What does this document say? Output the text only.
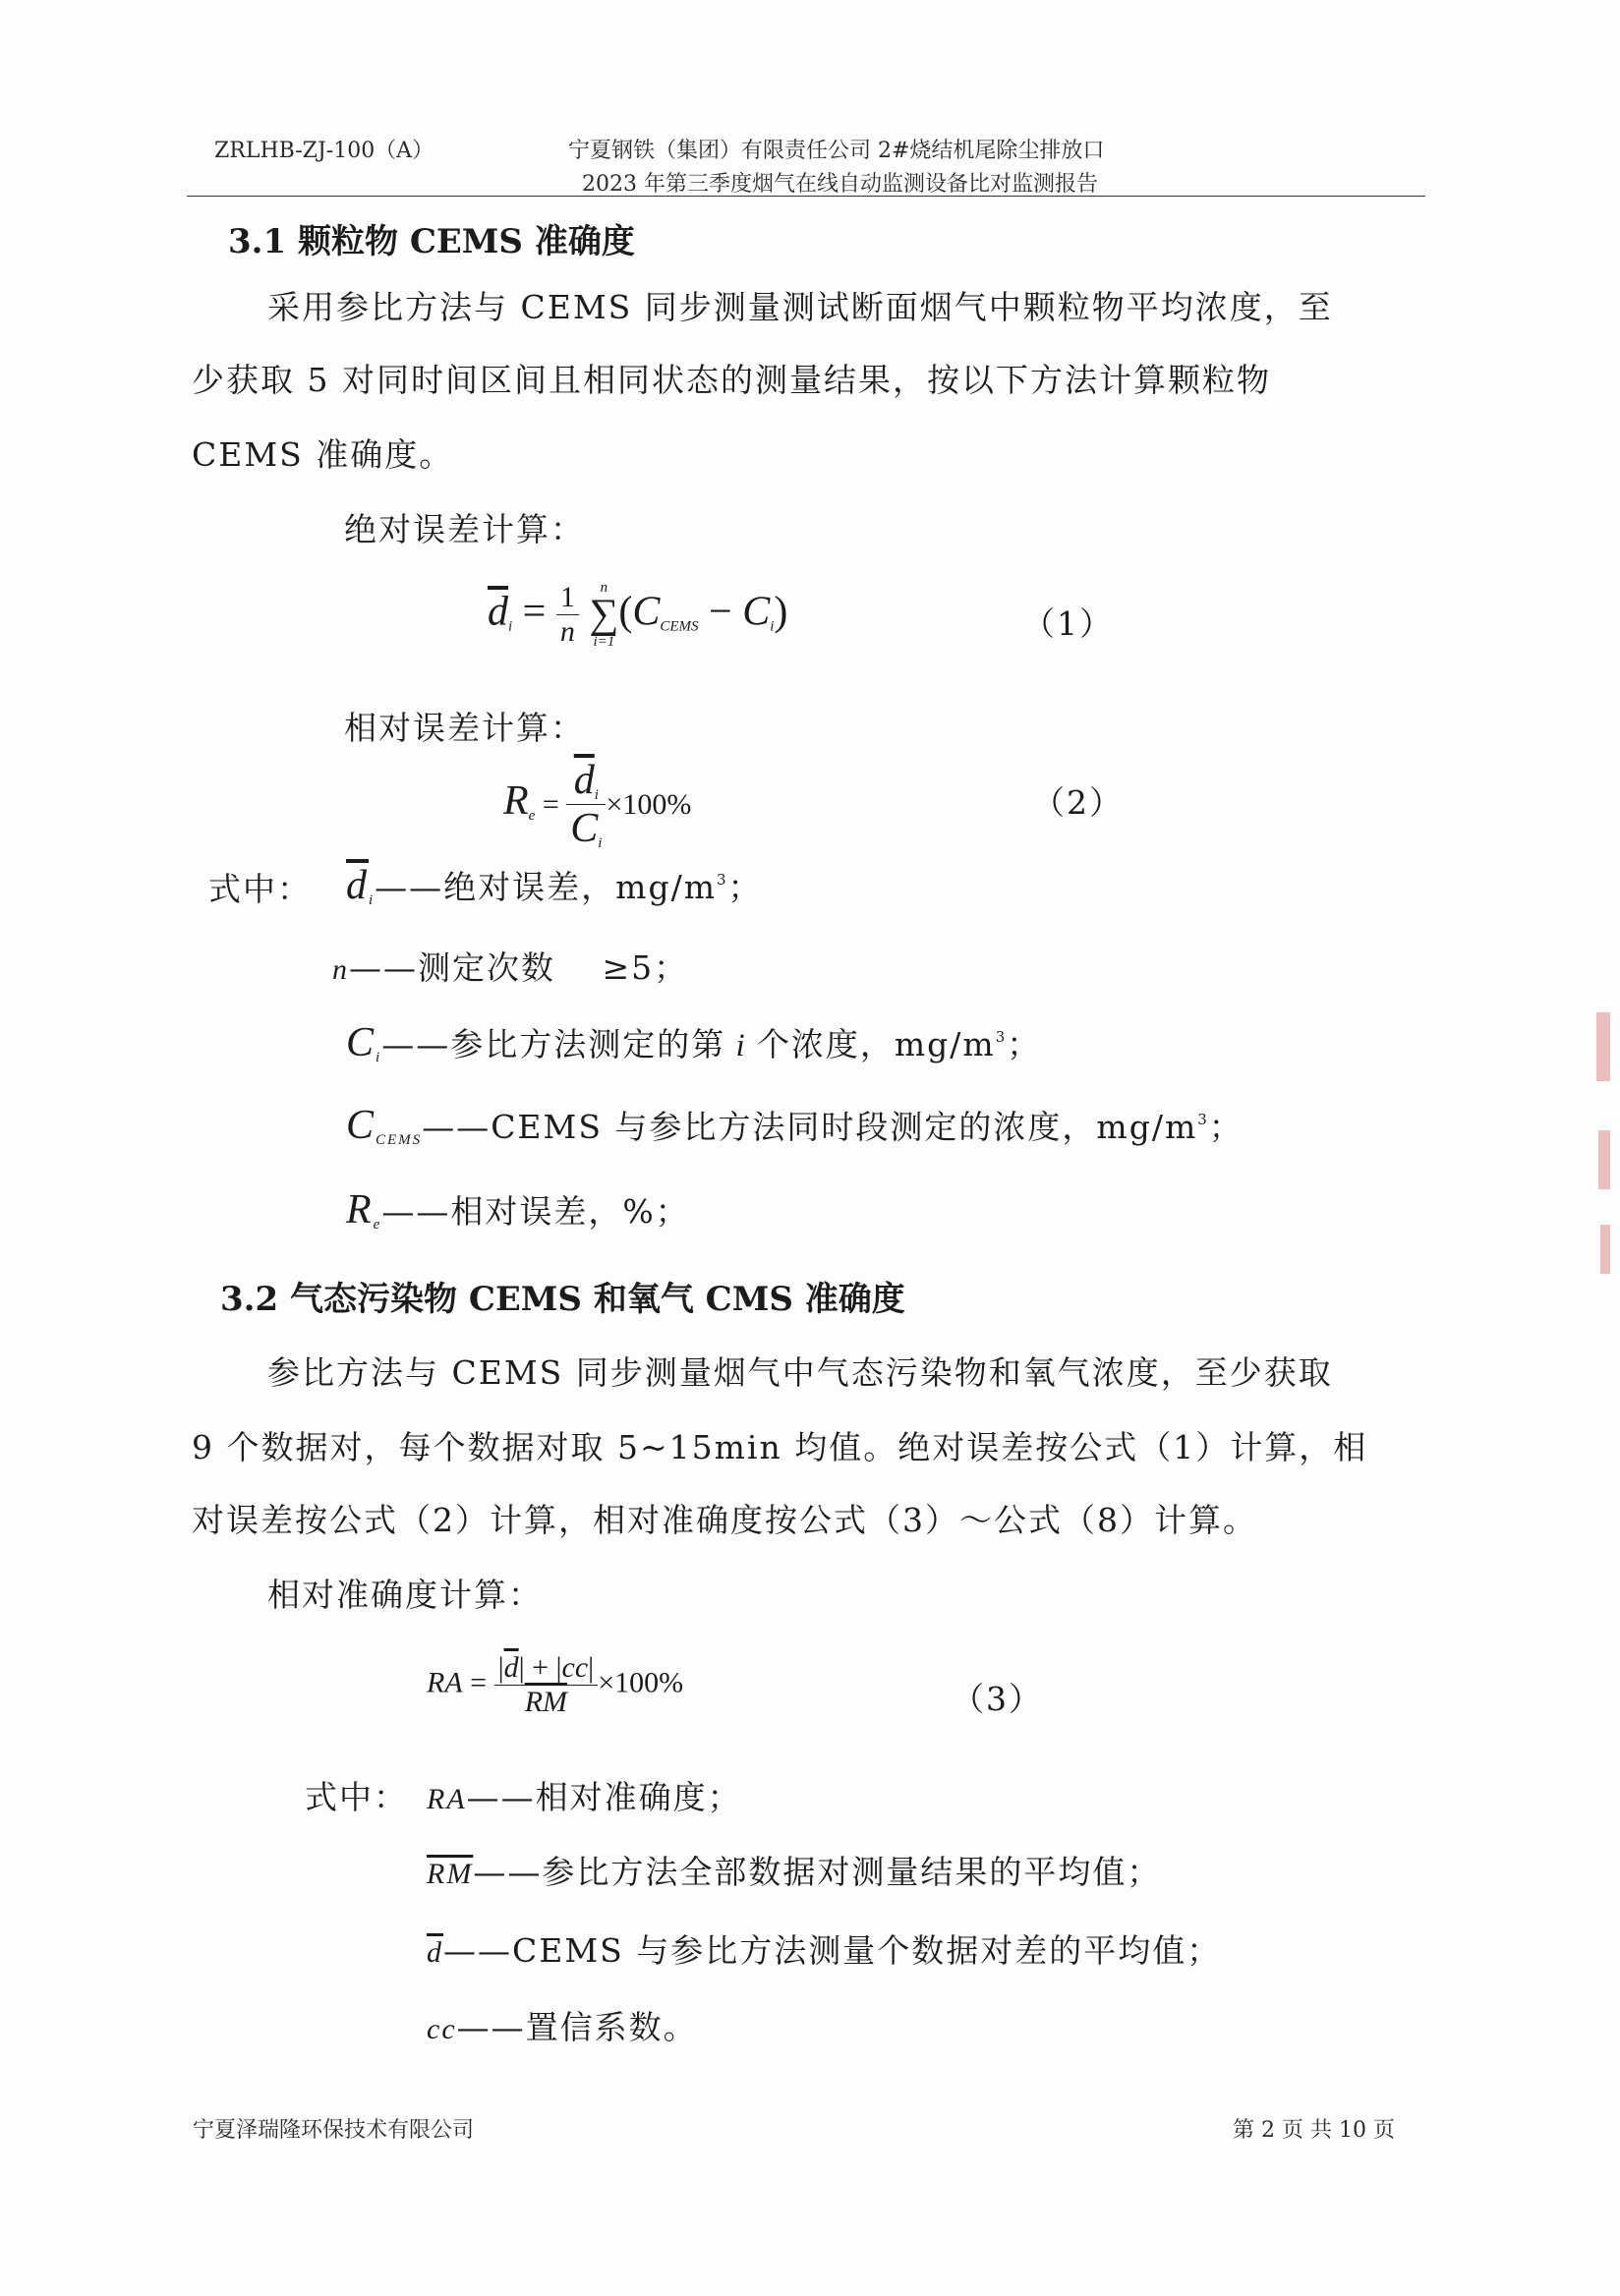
ZRLHB-ZJ-100（A）	宁夏钢铁（集团）有限责任公司 2#烧结机尾除尘排放口
2023 年第三季度烟气在线自动监测设备比对监测报告
3.1 颗粒物 CEMS 准确度
采用参比方法与 CEMS 同步测量测试断面烟气中颗粒物平均浓度，至
少获取 5 对同时间区间且相同状态的测量结果，按以下方法计算颗粒物
CEMS 准确度。
绝对误差计算：
$\overline{d}_i = \frac{1}{n}$
	n
∑
i=1
$(C_{CEMS} - C_i)$	（1）
相对误差计算：
$R_e = \frac{\overline{d}_i}{C_i} \times 100\%$	（2）
式中： $\overline{d}_i——$绝对误差，$mg/m^3$；
n——测定次数　 ≥5；
$C_i——$参比方法测定的第 i 个浓度，$mg/m^3$；
$C_{CEMS}——CEMS$ 与参比方法同时段测定的浓度，$mg/m^3$；
$R_e——$相对误差，%；
3.2 气态污染物 CEMS 和氧气 CMS 准确度
参比方法与 CEMS 同步测量烟气中气态污染物和氧气浓度，至少获取
9 个数据对，每个数据对取 5~15min 均值。绝对误差按公式（1）计算，相
对误差按公式（2）计算，相对准确度按公式（3）～公式（8）计算。
相对准确度计算：
RA = $\frac{|\overline{d}| + |cc|}{RM} \times 100\%$	（3）
式中： RA——相对准确度；
$\overline{RM}——$参比方法全部数据对测量结果的平均值；
$\overline{d}——CEMS$ 与参比方法测量个数据对差的平均值；
cc——置信系数。
宁夏泽瑞隆环保技术有限公司	第 2 页 共 10 页
